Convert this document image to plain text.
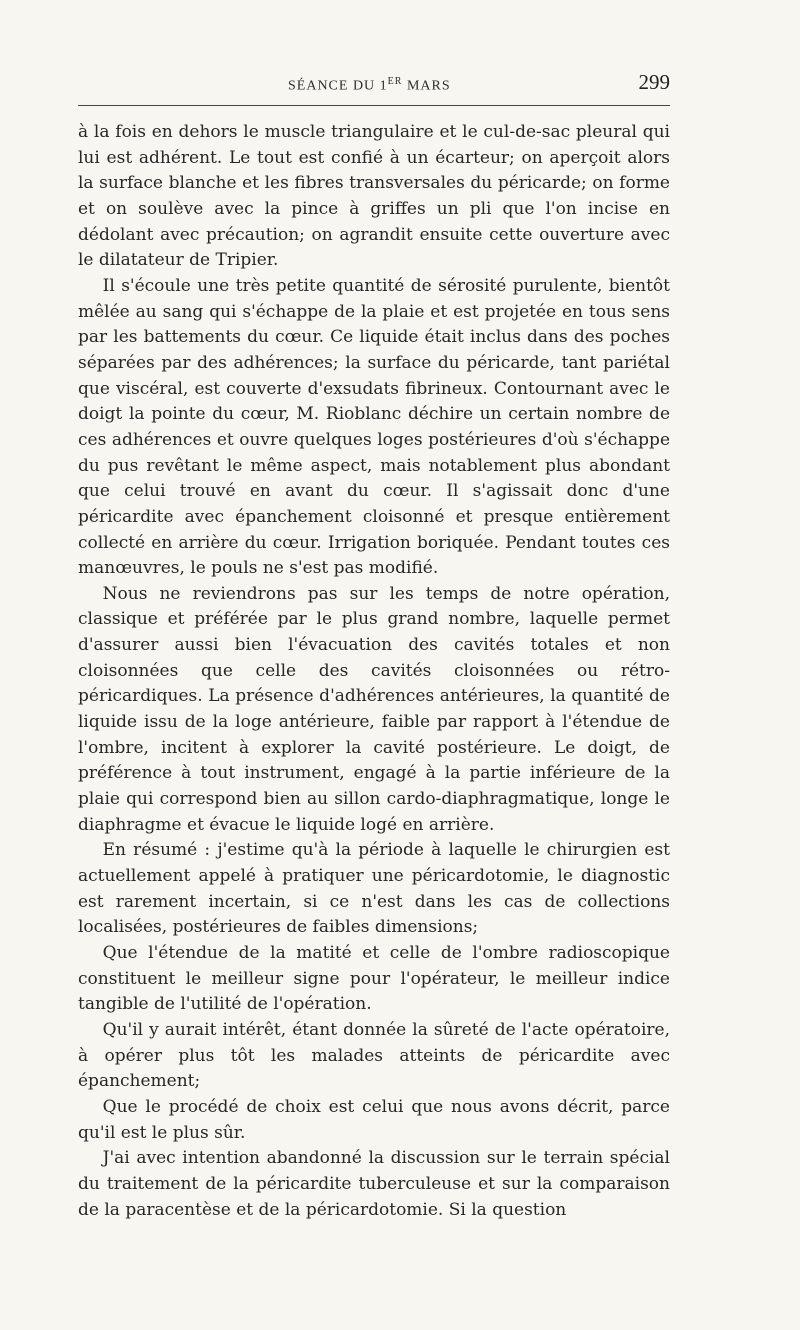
SÉANCE DU 1ER MARS	299

à la fois en dehors le muscle triangulaire et le cul-de-sac pleural qui lui est adhérent. Le tout est confié à un écarteur; on aperçoit alors la surface blanche et les fibres transversales du péricarde; on forme et on soulève avec la pince à griffes un pli que l'on incise en dédolant avec précaution; on agrandit ensuite cette ouverture avec le dilatateur de Tripier.

Il s'écoule une très petite quantité de sérosité purulente, bientôt mêlée au sang qui s'échappe de la plaie et est projetée en tous sens par les battements du cœur. Ce liquide était inclus dans des poches séparées par des adhérences; la surface du péricarde, tant pariétal que viscéral, est couverte d'exsudats fibrineux. Contournant avec le doigt la pointe du cœur, M. Rioblanc déchire un certain nombre de ces adhérences et ouvre quelques loges postérieures d'où s'échappe du pus revêtant le même aspect, mais notablement plus abondant que celui trouvé en avant du cœur. Il s'agissait donc d'une péricardite avec épanchement cloisonné et presque entièrement collecté en arrière du cœur. Irrigation boriquée. Pendant toutes ces manœuvres, le pouls ne s'est pas modifié.

Nous ne reviendrons pas sur les temps de notre opération, classique et préférée par le plus grand nombre, laquelle permet d'assurer aussi bien l'évacuation des cavités totales et non cloisonnées que celle des cavités cloisonnées ou rétro-péricardiques. La présence d'adhérences antérieures, la quantité de liquide issu de la loge antérieure, faible par rapport à l'étendue de l'ombre, incitent à explorer la cavité postérieure. Le doigt, de préférence à tout instrument, engagé à la partie inférieure de la plaie qui correspond bien au sillon cardo-diaphragmatique, longe le diaphragme et évacue le liquide logé en arrière.

En résumé : j'estime qu'à la période à laquelle le chirurgien est actuellement appelé à pratiquer une péricardotomie, le diagnostic est rarement incertain, si ce n'est dans les cas de collections localisées, postérieures de faibles dimensions;

Que l'étendue de la matité et celle de l'ombre radioscopique constituent le meilleur signe pour l'opérateur, le meilleur indice tangible de l'utilité de l'opération.

Qu'il y aurait intérêt, étant donnée la sûreté de l'acte opératoire, à opérer plus tôt les malades atteints de péricardite avec épanchement;

Que le procédé de choix est celui que nous avons décrit, parce qu'il est le plus sûr.

J'ai avec intention abandonné la discussion sur le terrain spécial du traitement de la péricardite tuberculeuse et sur la comparaison de la paracentèse et de la péricardotomie. Si la question
